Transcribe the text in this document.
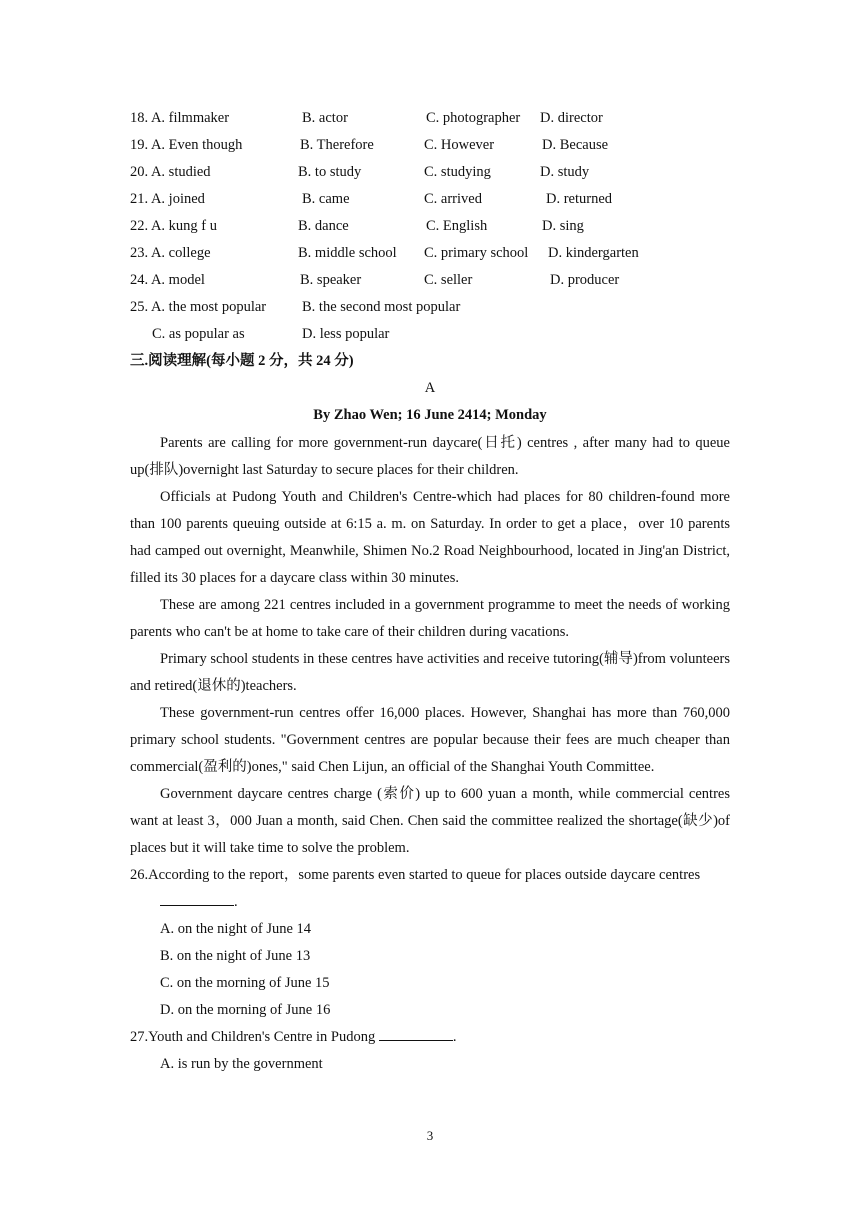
18. A. filmmaker	B. actor	C. photographer D. director
19. A. Even though	B. Therefore	C. However	D. Because
20. A. studied	B. to study	C. studying	D. study
21. A. joined	B. came	C. arrived	D. returned
22. A. kung f u	B. dance	C. English	D. sing
23. A. college	B. middle school C. primary school D. kindergarten
24. A. model	B. speaker	C. seller	D. producer
25. A. the most popular B. the second most popular
C. as popular as	D. less popular
三.阅读理解(每小题 2 分，共 24 分)
A
By Zhao Wen; 16 June 2414; Monday

Parents are calling for more government-run daycare(日托) centres , after many had to queue up(排队)overnight last Saturday to secure places for their children.

Officials at Pudong Youth and Children's Centre-which had places for 80 children-found more than 100 parents queuing outside at 6:15 a. m. on Saturday. In order to get a place，over 10 parents had camped out overnight, Meanwhile, Shimen No.2 Road Neighbourhood, located in Jing'an District, filled its 30 places for a daycare class within 30 minutes.

These are among 221 centres included in a government programme to meet the needs of working parents who can't be at home to take care of their children during vacations.

Primary school students in these centres have activities and receive tutoring(辅导)from volunteers and retired(退休的)teachers.

These government-run centres offer 16,000 places. However, Shanghai has more than 760,000 primary school students. "Government centres are popular because their fees are much cheaper than commercial(盈利的)ones," said Chen Lijun, an official of the Shanghai Youth Committee.

Government daycare centres charge (索价) up to 600 yuan a month, while commercial centres want at least 3，000 Juan a month, said Chen. Chen said the committee realized the shortage(缺少)of places but it will take time to solve the problem.

26.According to the report，some parents even started to queue for places outside daycare centres

.
A. on the night of June 14
B. on the night of June 13
C. on the morning of June 15
D. on the morning of June 16

27.Youth and Children's Centre in Pudong	.

A. is run by the government
3
